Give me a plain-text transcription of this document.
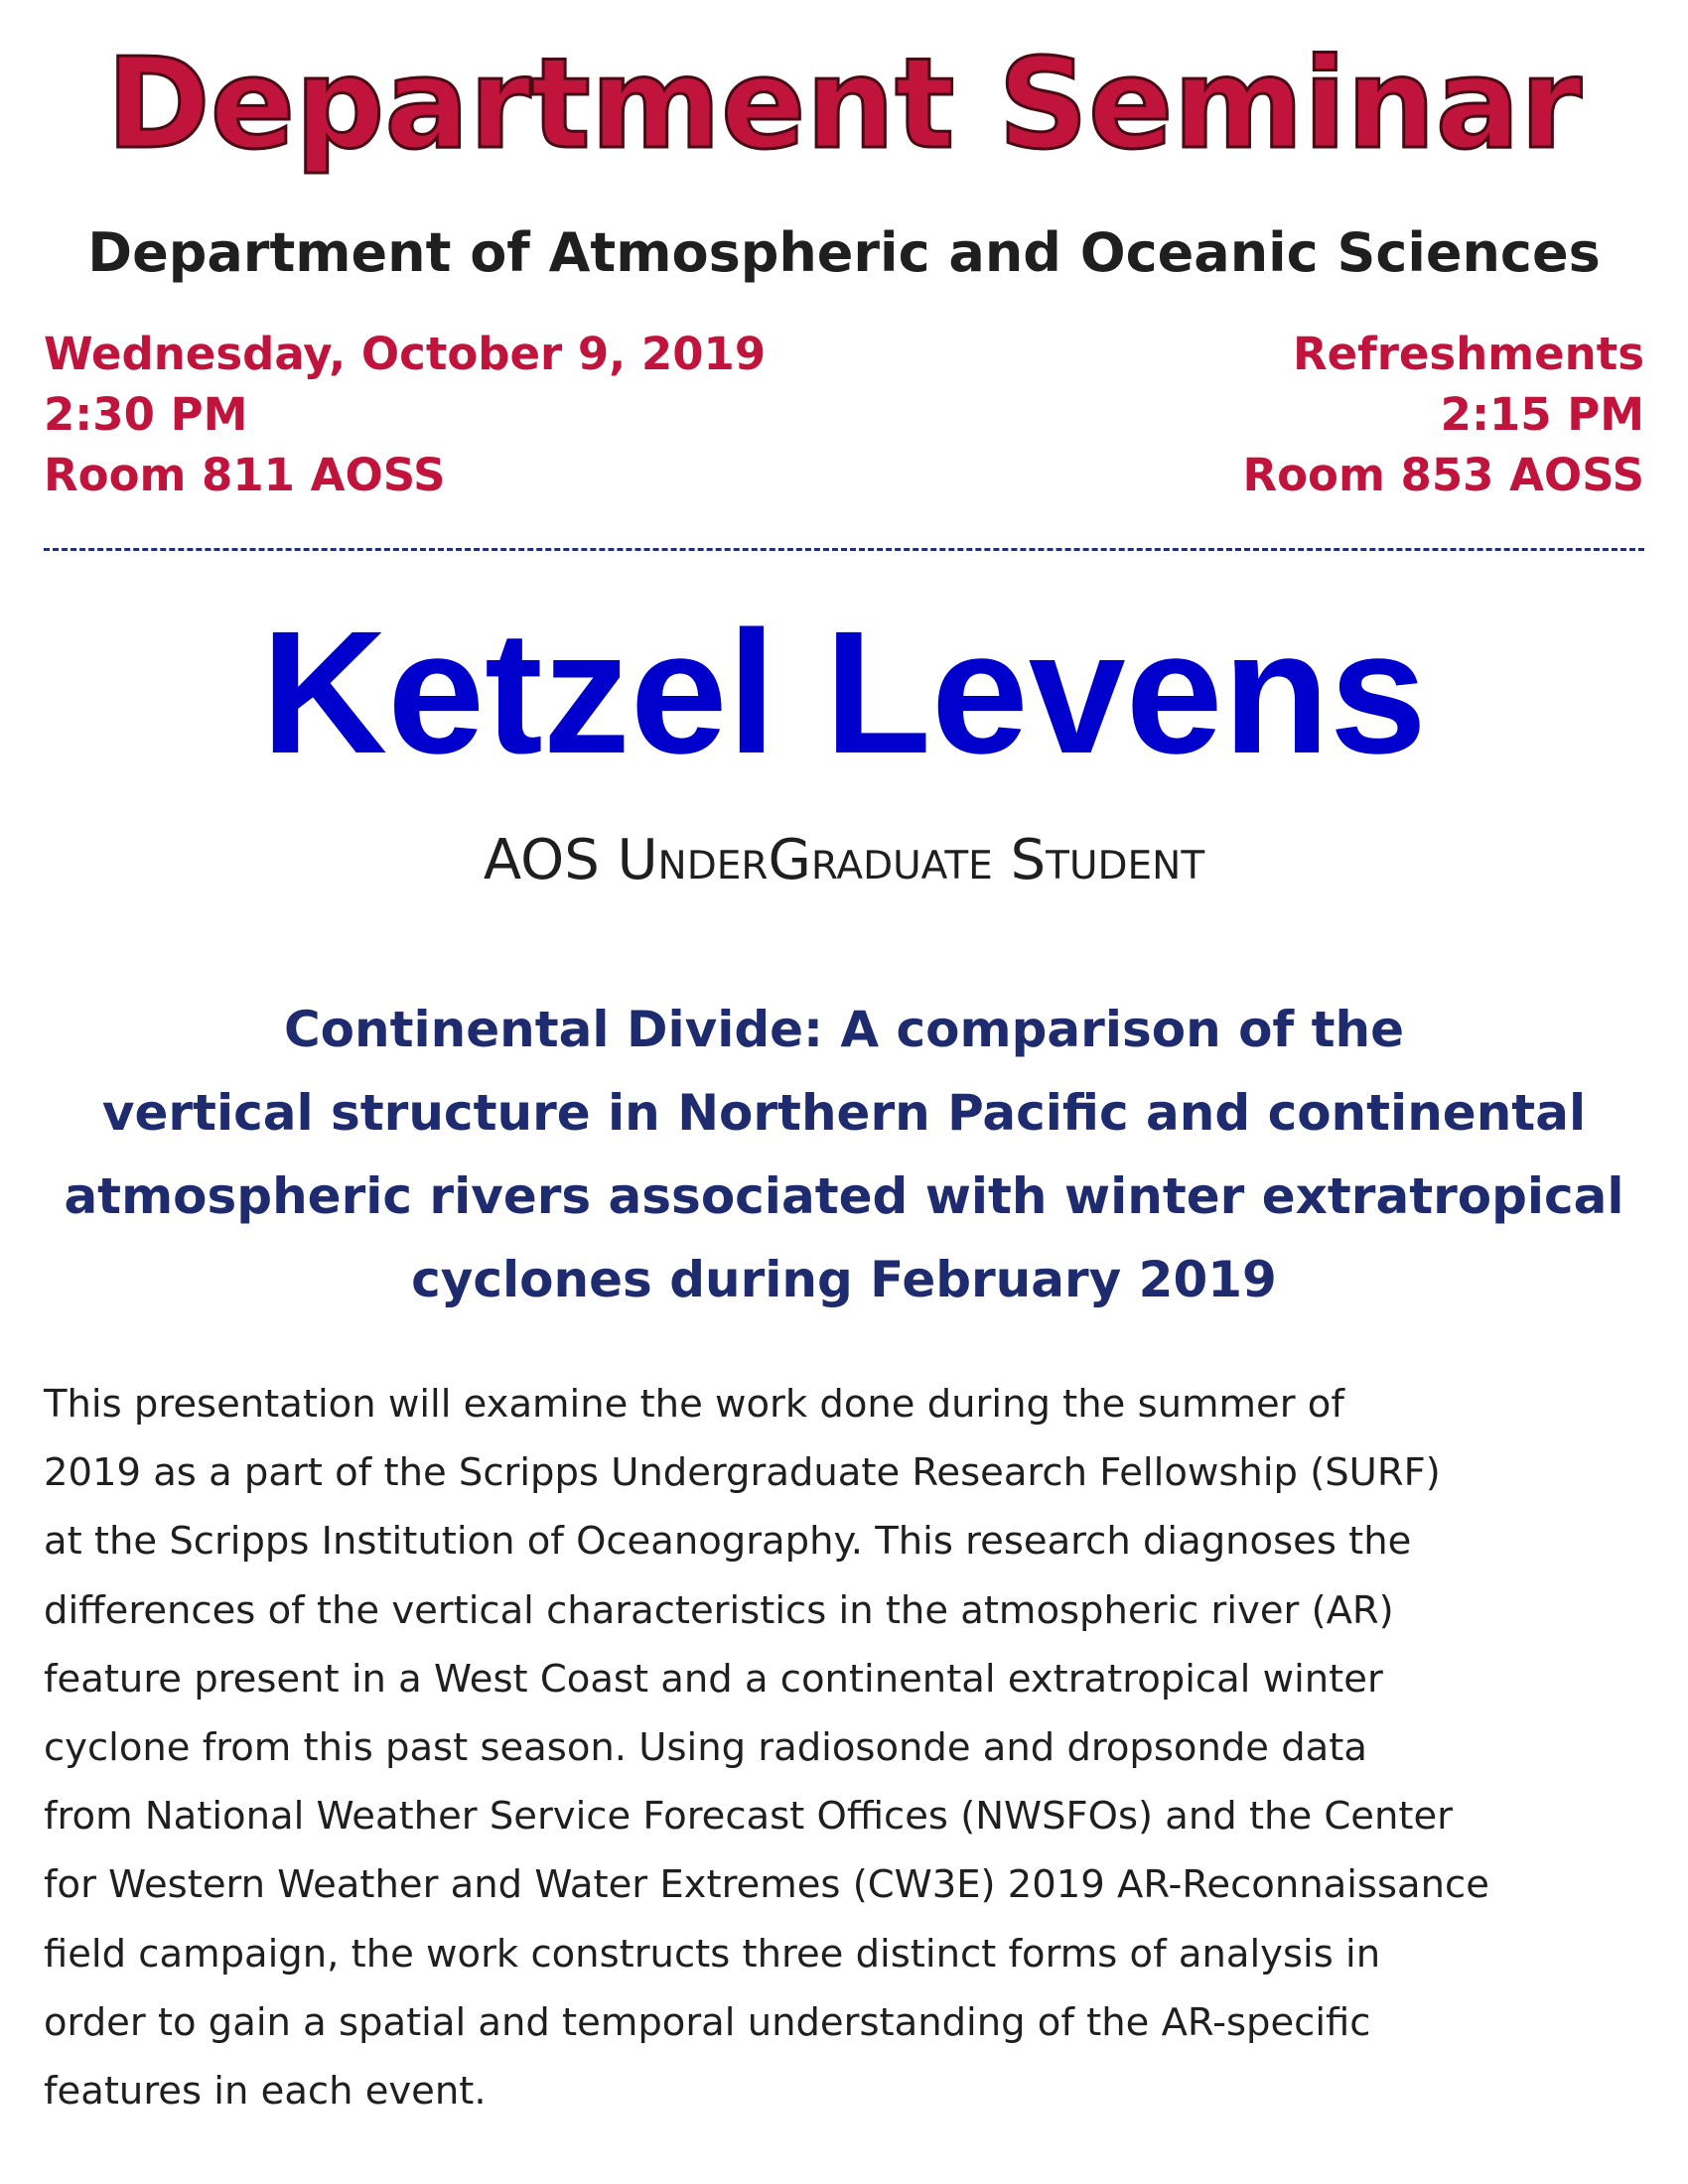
Department Seminar
Department of Atmospheric and Oceanic Sciences
Wednesday, October 9, 2019
2:30 PM
Room 811 AOSS
Refreshments
2:15 PM
Room 853 AOSS
Ketzel Levens
AOS UnderGraduate Student
Continental Divide: A comparison of the
vertical structure in Northern Pacific and continental
atmospheric rivers associated with winter extratropical
cyclones during February 2019
This presentation will examine the work done during the summer of
2019 as a part of the Scripps Undergraduate Research Fellowship (SURF)
at the Scripps Institution of Oceanography. This research diagnoses the
differences of the vertical characteristics in the atmospheric river (AR)
feature present in a West Coast and a continental extratropical winter
cyclone from this past season. Using radiosonde and dropsonde data
from National Weather Service Forecast Offices (NWSFOs) and the Center
for Western Weather and Water Extremes (CW3E) 2019 AR-Reconnaissance
field campaign, the work constructs three distinct forms of analysis in
order to gain a spatial and temporal understanding of the AR-specific
features in each event.
